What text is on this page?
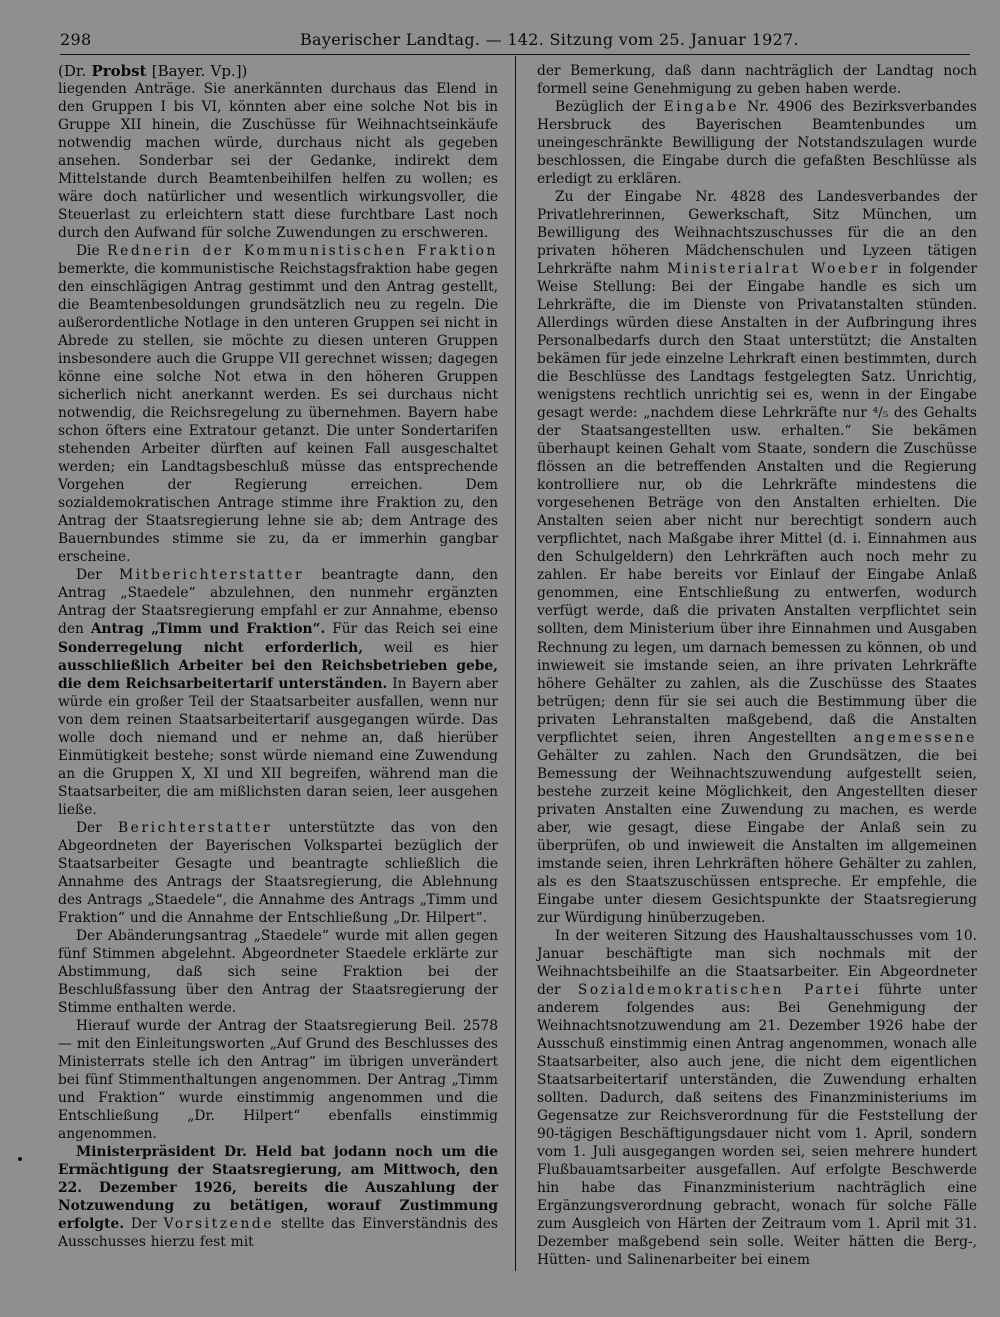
298	Bayerischer Landtag. — 142. Sitzung vom 25. Januar 1927.

(Dr. Probst [Bayer. Vp.])

liegenden Anträge. Sie anerkännten durchaus das Elend in den Gruppen I bis VI, könnten aber eine solche Not bis in Gruppe XII hinein, die Zuschüsse für Weihnachtseinkäufe notwendig machen würde, durchaus nicht als gegeben ansehen. Sonderbar sei der Gedanke, indirekt dem Mittelstande durch Beamtenbeihilfen helfen zu wollen; es wäre doch natürlicher und wesentlich wirkungsvoller, die Steuerlast zu erleichtern statt diese furchtbare Last noch durch den Aufwand für solche Zuwendungen zu erschweren.

Die Rednerin der Kommunistischen Fraktion bemerkte, die kommunistische Reichstagsfraktion habe gegen den einschlägigen Antrag gestimmt und den Antrag gestellt, die Beamtenbesoldungen grundsätzlich neu zu regeln. Die außerordentliche Notlage in den unteren Gruppen sei nicht in Abrede zu stellen, sie möchte zu diesen unteren Gruppen insbesondere auch die Gruppe VII gerechnet wissen; dagegen könne eine solche Not etwa in den höheren Gruppen sicherlich nicht anerkannt werden. Es sei durchaus nicht notwendig, die Reichsregelung zu übernehmen. Bayern habe schon öfters eine Extratour getanzt. Die unter Sondertarifen stehenden Arbeiter dürften auf keinen Fall ausgeschaltet werden; ein Landtagsbeschluß müsse das entsprechende Vorgehen der Regierung erreichen. Dem sozialdemokratischen Antrage stimme ihre Fraktion zu, den Antrag der Staatsregierung lehne sie ab; dem Antrage des Bauernbundes stimme sie zu, da er immerhin gangbar erscheine.

Der Mitberichterstatter beantragte dann, den Antrag „Staedele“ abzulehnen, den nunmehr ergänzten Antrag der Staatsregierung empfahl er zur Annahme, ebenso den Antrag „Timm und Fraktion“. Für das Reich sei eine Sonderregelung nicht erforderlich, weil es hier ausschließlich Arbeiter bei den Reichsbetrieben gebe, die dem Reichsarbeitertarif unterständen. In Bayern aber würde ein großer Teil der Staatsarbeiter ausfallen, wenn nur von dem reinen Staatsarbeitertarif ausgegangen würde. Das wolle doch niemand und er nehme an, daß hierüber Einmütigkeit bestehe; sonst würde niemand eine Zuwendung an die Gruppen X, XI und XII begreifen, während man die Staatsarbeiter, die am mißlichsten daran seien, leer ausgehen ließe.

Der Berichterstatter unterstützte das von den Abgeordneten der Bayerischen Volkspartei bezüglich der Staatsarbeiter Gesagte und beantragte schließlich die Annahme des Antrags der Staatsregierung, die Ablehnung des Antrags „Staedele“, die Annahme des Antrags „Timm und Fraktion“ und die Annahme der Entschließung „Dr. Hilpert“.

Der Abänderungsantrag „Staedele“ wurde mit allen gegen fünf Stimmen abgelehnt. Abgeordneter Staedele erklärte zur Abstimmung, daß sich seine Fraktion bei der Beschlußfassung über den Antrag der Staatsregierung der Stimme enthalten werde.

Hierauf wurde der Antrag der Staatsregierung Beil. 2578 — mit den Einleitungsworten „Auf Grund des Beschlusses des Ministerrats stelle ich den Antrag“ im übrigen unverändert bei fünf Stimmenthaltungen angenommen. Der Antrag „Timm und Fraktion“ wurde einstimmig angenommen und die Entschließung „Dr. Hilpert“ ebenfalls einstimmig angenommen.

Ministerpräsident Dr. Held bat jodann noch um die Ermächtigung der Staatsregierung, am Mittwoch, den 22. Dezember 1926, bereits die Auszahlung der Notzuwendung zu betätigen, worauf Zustimmung erfolgte. Der Vorsitzende stellte das Einverständnis des Ausschusses hierzu fest mit

der Bemerkung, daß dann nachträglich der Landtag noch formell seine Genehmigung zu geben haben werde.

Bezüglich der Eingabe Nr. 4906 des Bezirksverbandes Hersbruck des Bayerischen Beamtenbundes um uneingeschränkte Bewilligung der Notstandszulagen wurde beschlossen, die Eingabe durch die gefaßten Beschlüsse als erledigt zu erklären.

Zu der Eingabe Nr. 4828 des Landesverbandes der Privatlehrerinnen, Gewerkschaft, Sitz München, um Bewilligung des Weihnachtszuschusses für die an den privaten höheren Mädchenschulen und Lyzeen tätigen Lehrkräfte nahm Ministerialrat Woeber in folgender Weise Stellung: Bei der Eingabe handle es sich um Lehrkräfte, die im Dienste von Privatanstalten stünden. Allerdings würden diese Anstalten in der Aufbringung ihres Personalbedarfs durch den Staat unterstützt; die Anstalten bekämen für jede einzelne Lehrkraft einen bestimmten, durch die Beschlüsse des Landtags festgelegten Satz. Unrichtig, wenigstens rechtlich unrichtig sei es, wenn in der Eingabe gesagt werde: „nachdem diese Lehrkräfte nur ⁴/₅ des Gehalts der Staatsangestellten usw. erhalten.“ Sie bekämen überhaupt keinen Gehalt vom Staate, sondern die Zuschüsse flössen an die betreffenden Anstalten und die Regierung kontrolliere nur, ob die Lehrkräfte mindestens die vorgesehenen Beträge von den Anstalten erhielten. Die Anstalten seien aber nicht nur berechtigt sondern auch verpflichtet, nach Maßgabe ihrer Mittel (d. i. Einnahmen aus den Schulgeldern) den Lehrkräften auch noch mehr zu zahlen. Er habe bereits vor Einlauf der Eingabe Anlaß genommen, eine Entschließung zu entwerfen, wodurch verfügt werde, daß die privaten Anstalten verpflichtet sein sollten, dem Ministerium über ihre Einnahmen und Ausgaben Rechnung zu legen, um darnach bemessen zu können, ob und inwieweit sie imstande seien, an ihre privaten Lehrkräfte höhere Gehälter zu zahlen, als die Zuschüsse des Staates betrügen; denn für sie sei auch die Bestimmung über die privaten Lehranstalten maßgebend, daß die Anstalten verpflichtet seien, ihren Angestellten angemessene Gehälter zu zahlen. Nach den Grundsätzen, die bei Bemessung der Weihnachtszuwendung aufgestellt seien, bestehe zurzeit keine Möglichkeit, den Angestellten dieser privaten Anstalten eine Zuwendung zu machen, es werde aber, wie gesagt, diese Eingabe der Anlaß sein zu überprüfen, ob und inwieweit die Anstalten im allgemeinen imstande seien, ihren Lehrkräften höhere Gehälter zu zahlen, als es den Staatszuschüssen entspreche. Er empfehle, die Eingabe unter diesem Gesichtspunkte der Staatsregierung zur Würdigung hinüberzugeben.

In der weiteren Sitzung des Haushaltausschusses vom 10. Januar beschäftigte man sich nochmals mit der Weihnachtsbeihilfe an die Staatsarbeiter. Ein Abgeordneter der Sozialdemokratischen Partei führte unter anderem folgendes aus: Bei Genehmigung der Weihnachtsnotzuwendung am 21. Dezember 1926 habe der Ausschuß einstimmig einen Antrag angenommen, wonach alle Staatsarbeiter, also auch jene, die nicht dem eigentlichen Staatsarbeitertarif unterständen, die Zuwendung erhalten sollten. Dadurch, daß seitens des Finanzministeriums im Gegensatze zur Reichsverordnung für die Feststellung der 90-tägigen Beschäftigungsdauer nicht vom 1. April, sondern vom 1. Juli ausgegangen worden sei, seien mehrere hundert Flußbauamtsarbeiter ausgefallen. Auf erfolgte Beschwerde hin habe das Finanzministerium nachträglich eine Ergänzungsverordnung gebracht, wonach für solche Fälle zum Ausgleich von Härten der Zeitraum vom 1. April mit 31. Dezember maßgebend sein solle. Weiter hätten die Berg-, Hütten- und Salinenarbeiter bei einem
